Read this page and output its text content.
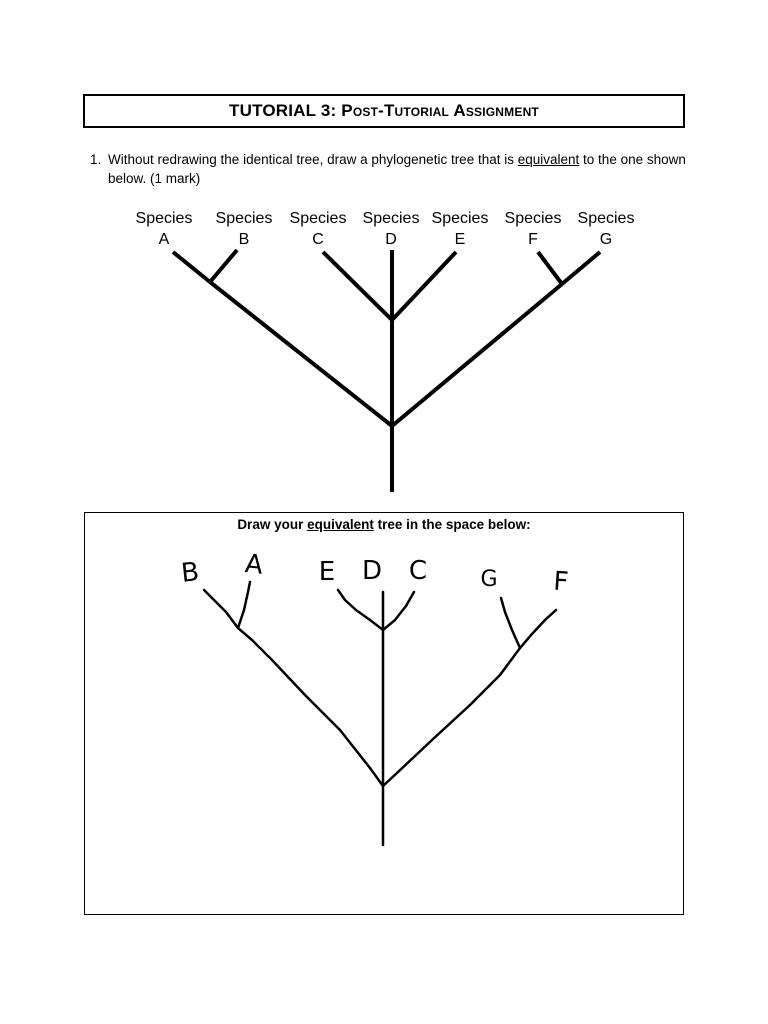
TUTORIAL 3: Post-Tutorial Assignment
1. Without redrawing the identical tree, draw a phylogenetic tree that is equivalent to the one shown below. (1 mark)
Species
A
Species
B
Species
C
Species
D
Species
E
Species
F
Species
G
Draw your equivalent tree in the space below:
B A E D C G F
